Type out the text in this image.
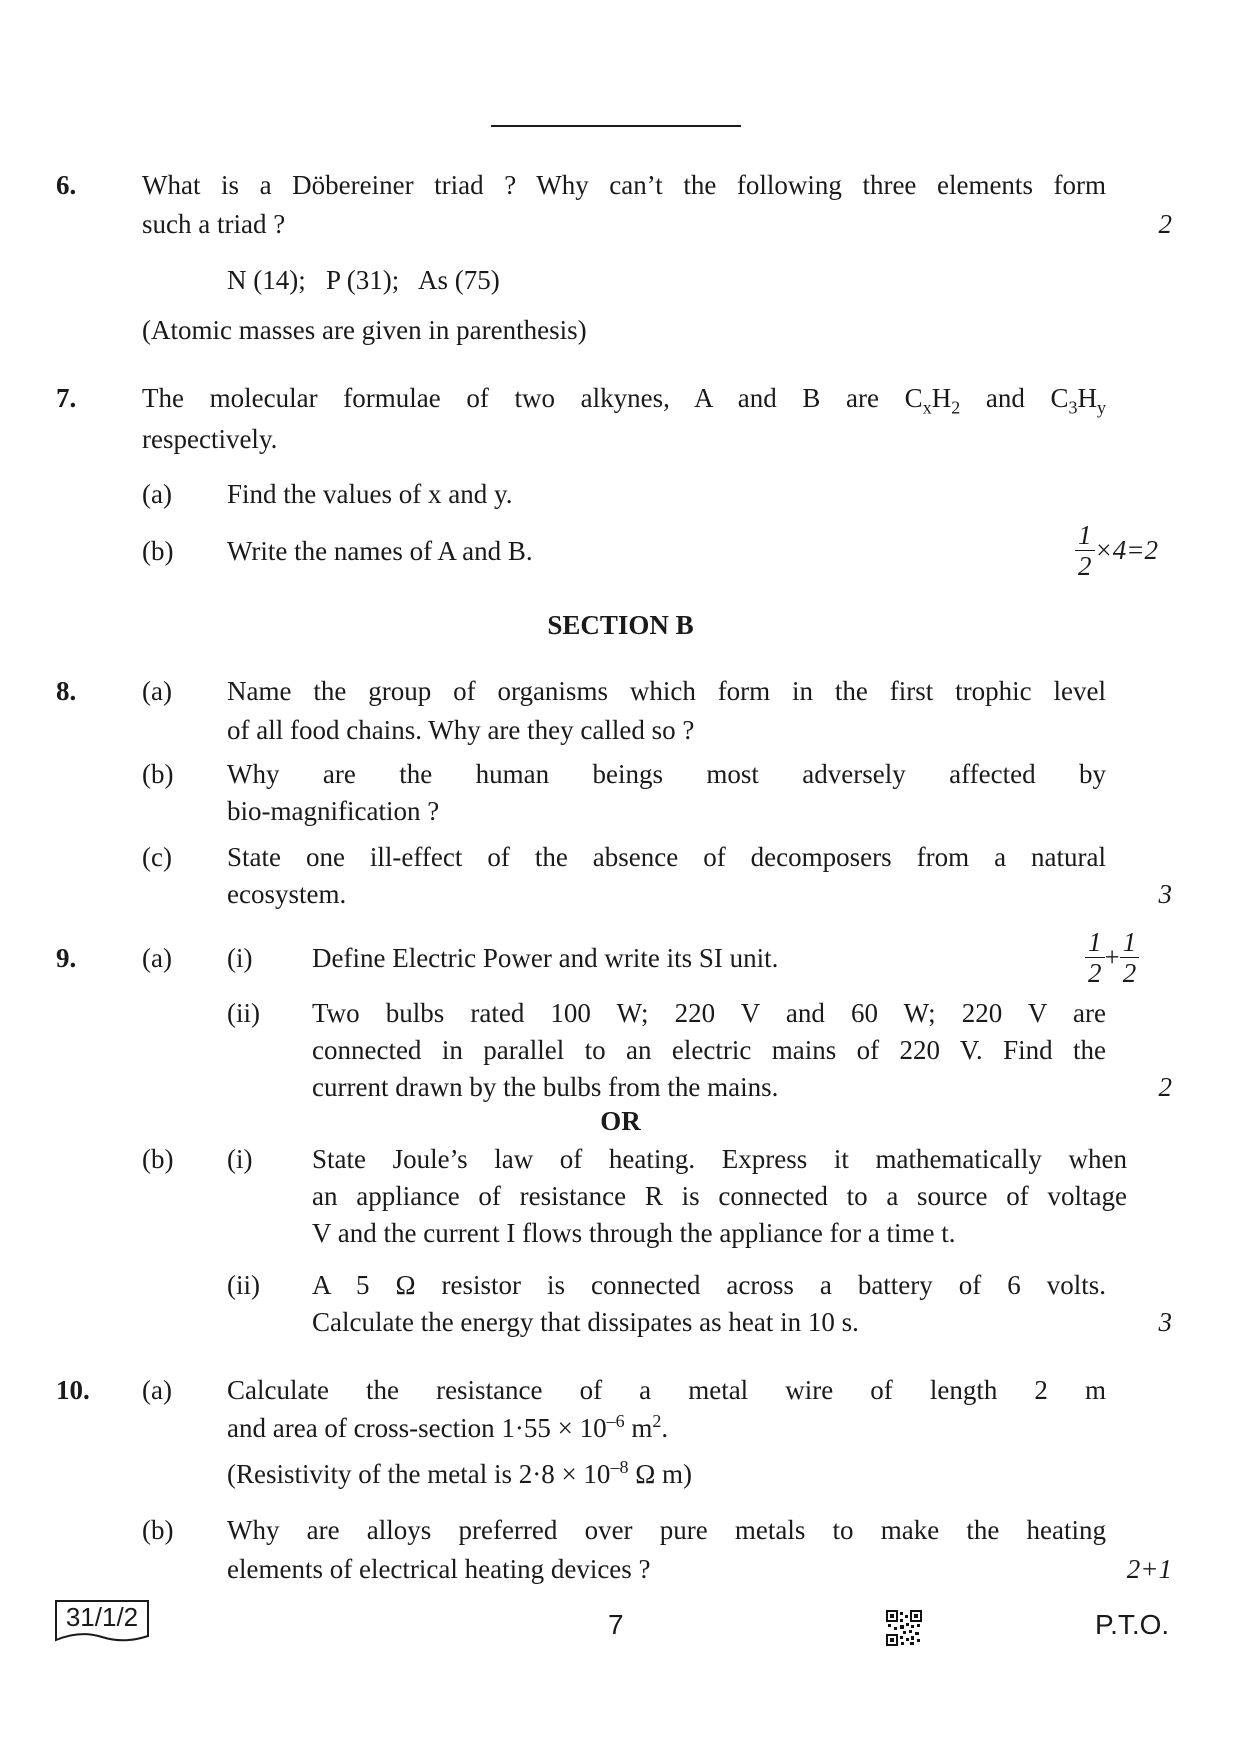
6. What is a Döbereiner triad ? Why can’t the following three elements form
such a triad ?	2
N (14); P (31); As (75)
(Atomic masses are given in parenthesis)
7. The molecular formulae of two alkynes, A and B are $C_xH_2$ and $C_3H_y$
respectively.
(a) Find the values of x and y.
(b) Write the names of A and B.	$\frac{1}{2} \times 4=2$
SECTION B
8. (a) Name the group of organisms which form in the first trophic level
of all food chains. Why are they called so ?
(b) Why are the human beings most adversely affected by
bio-magnification ?
(c) State one ill-effect of the absence of decomposers from a natural
ecosystem.	3
9. (a) (i) Define Electric Power and write its SI unit.	$\frac{1}{2} + \frac{1}{2}$
(ii) Two bulbs rated 100 W; 220 V and 60 W; 220 V are
connected in parallel to an electric mains of 220 V. Find the
current drawn by the bulbs from the mains.	2
OR
(b) (i) State Joule’s law of heating. Express it mathematically when
an appliance of resistance R is connected to a source of voltage
V and the current I flows through the appliance for a time t.
(ii) A 5 Ω resistor is connected across a battery of 6 volts.
Calculate the energy that dissipates as heat in 10 s.	3
10. (a) Calculate the resistance of a metal wire of length 2 m
and area of cross-section $1\cdot 55 \times 10^{-6}$ $m^2$.
(Resistivity of the metal is $2\cdot 8 \times 10^{-8}$ Ω m)
(b) Why are alloys preferred over pure metals to make the heating
elements of electrical heating devices ?	2+1
31/1/2	7	P.T.O.
